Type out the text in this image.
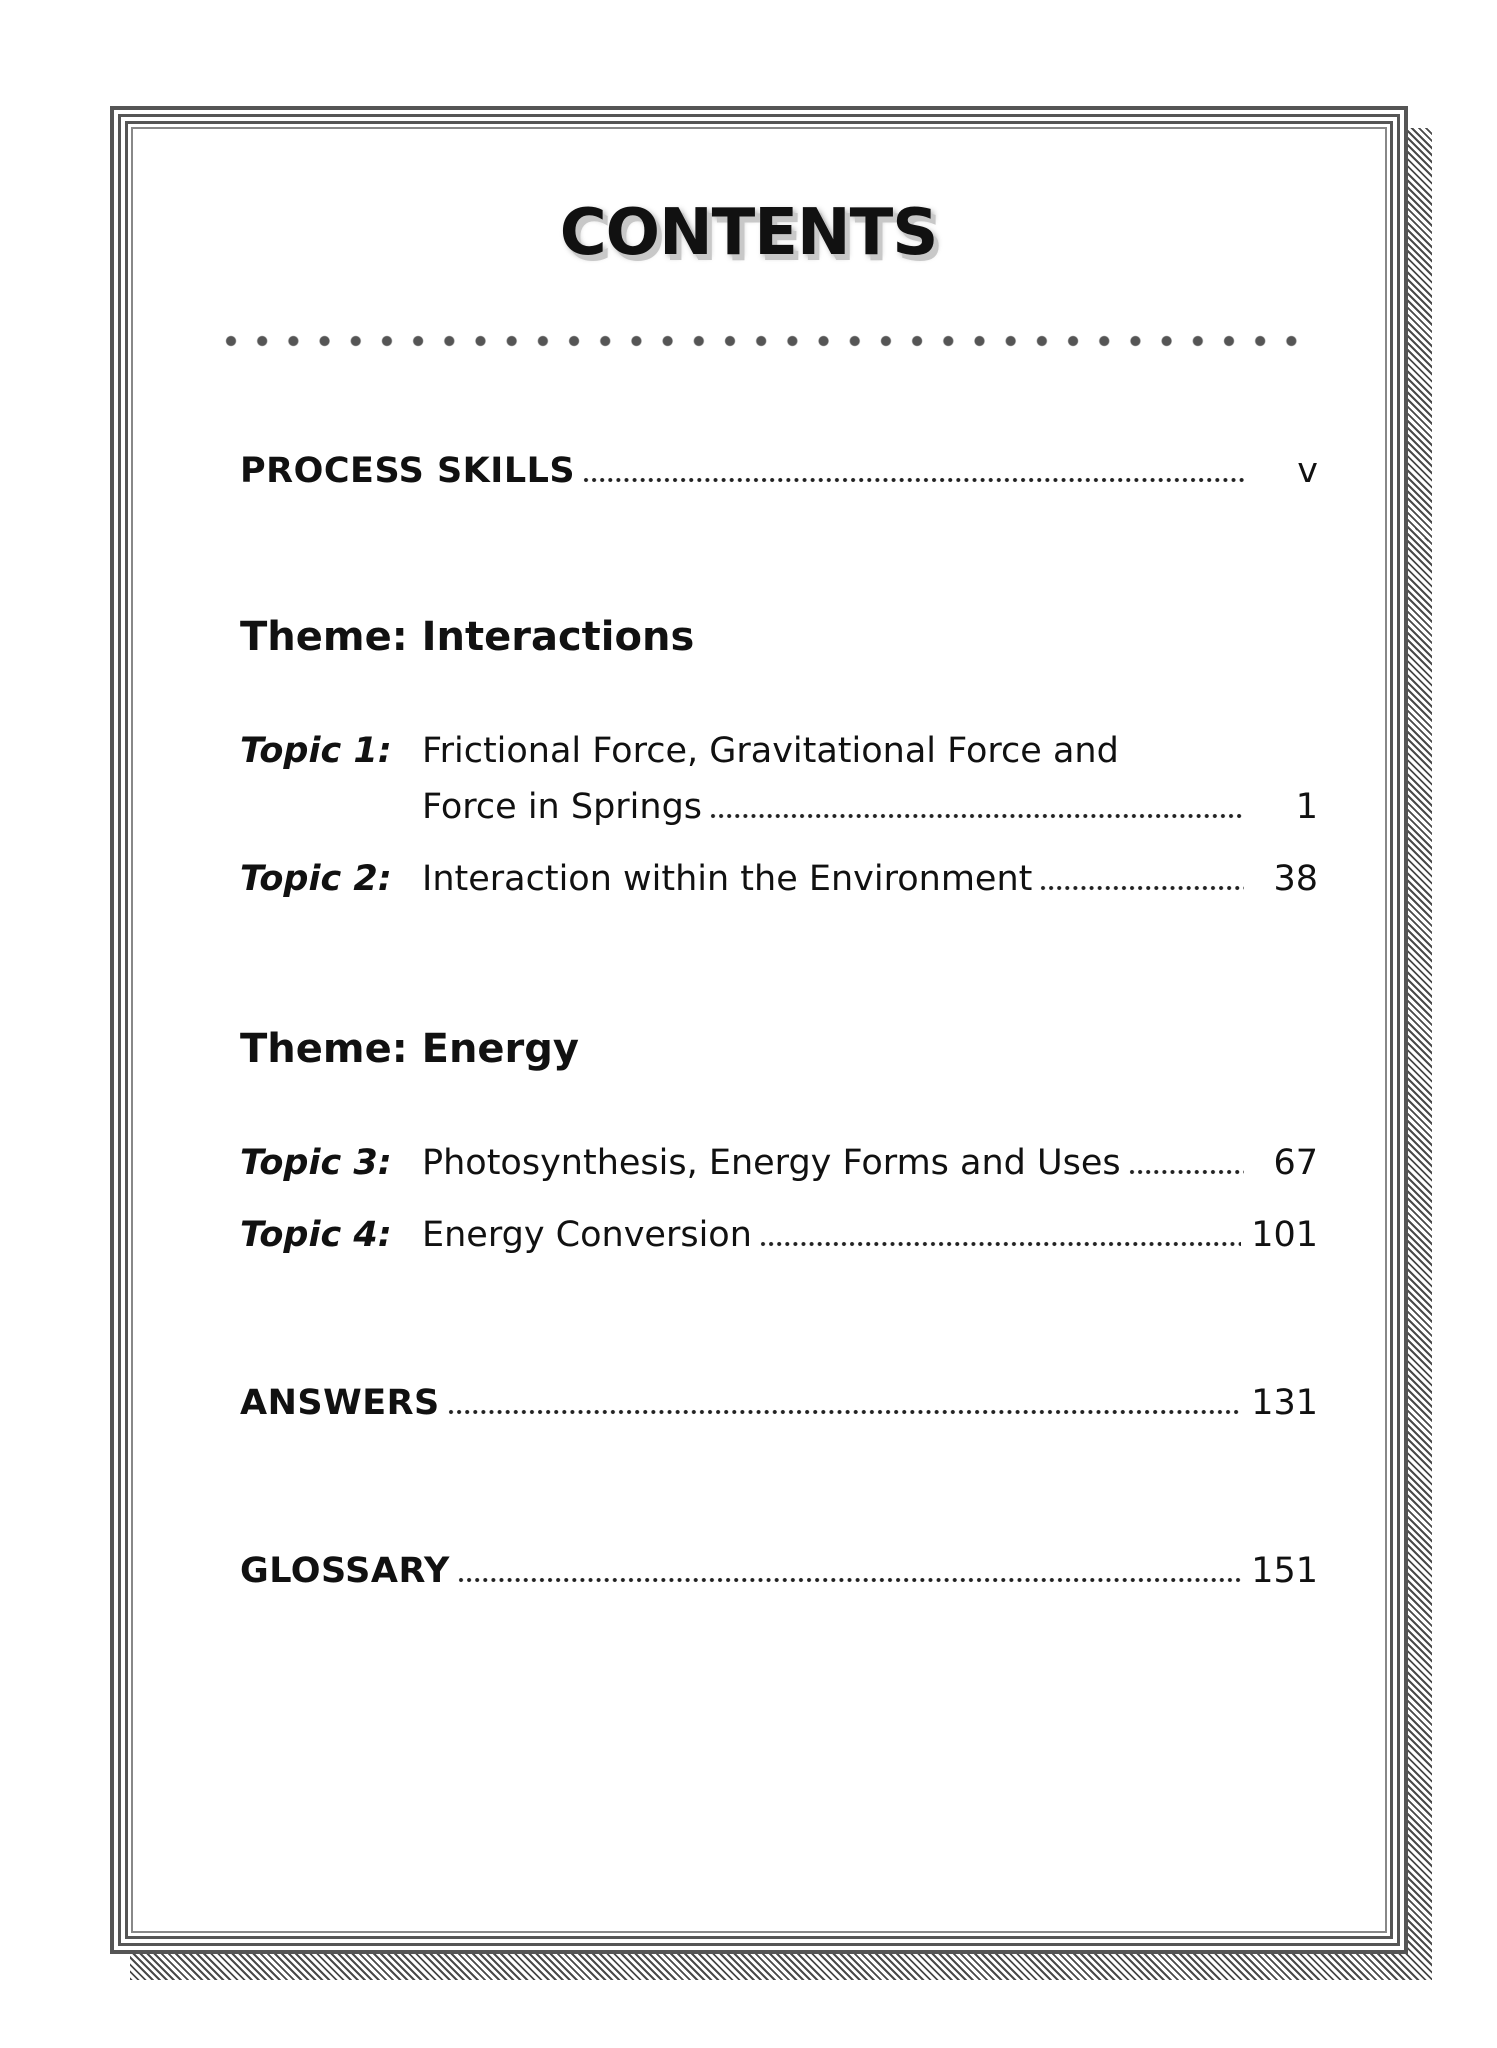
CONTENTS
PROCESS SKILLS	v
Theme: Interactions
Topic 1: Frictional Force, Gravitational Force and
Force in Springs	1
Topic 2: Interaction within the Environment	38
Theme: Energy
Topic 3: Photosynthesis, Energy Forms and Uses	67
Topic 4: Energy Conversion	101
ANSWERS	131
GLOSSARY	151
